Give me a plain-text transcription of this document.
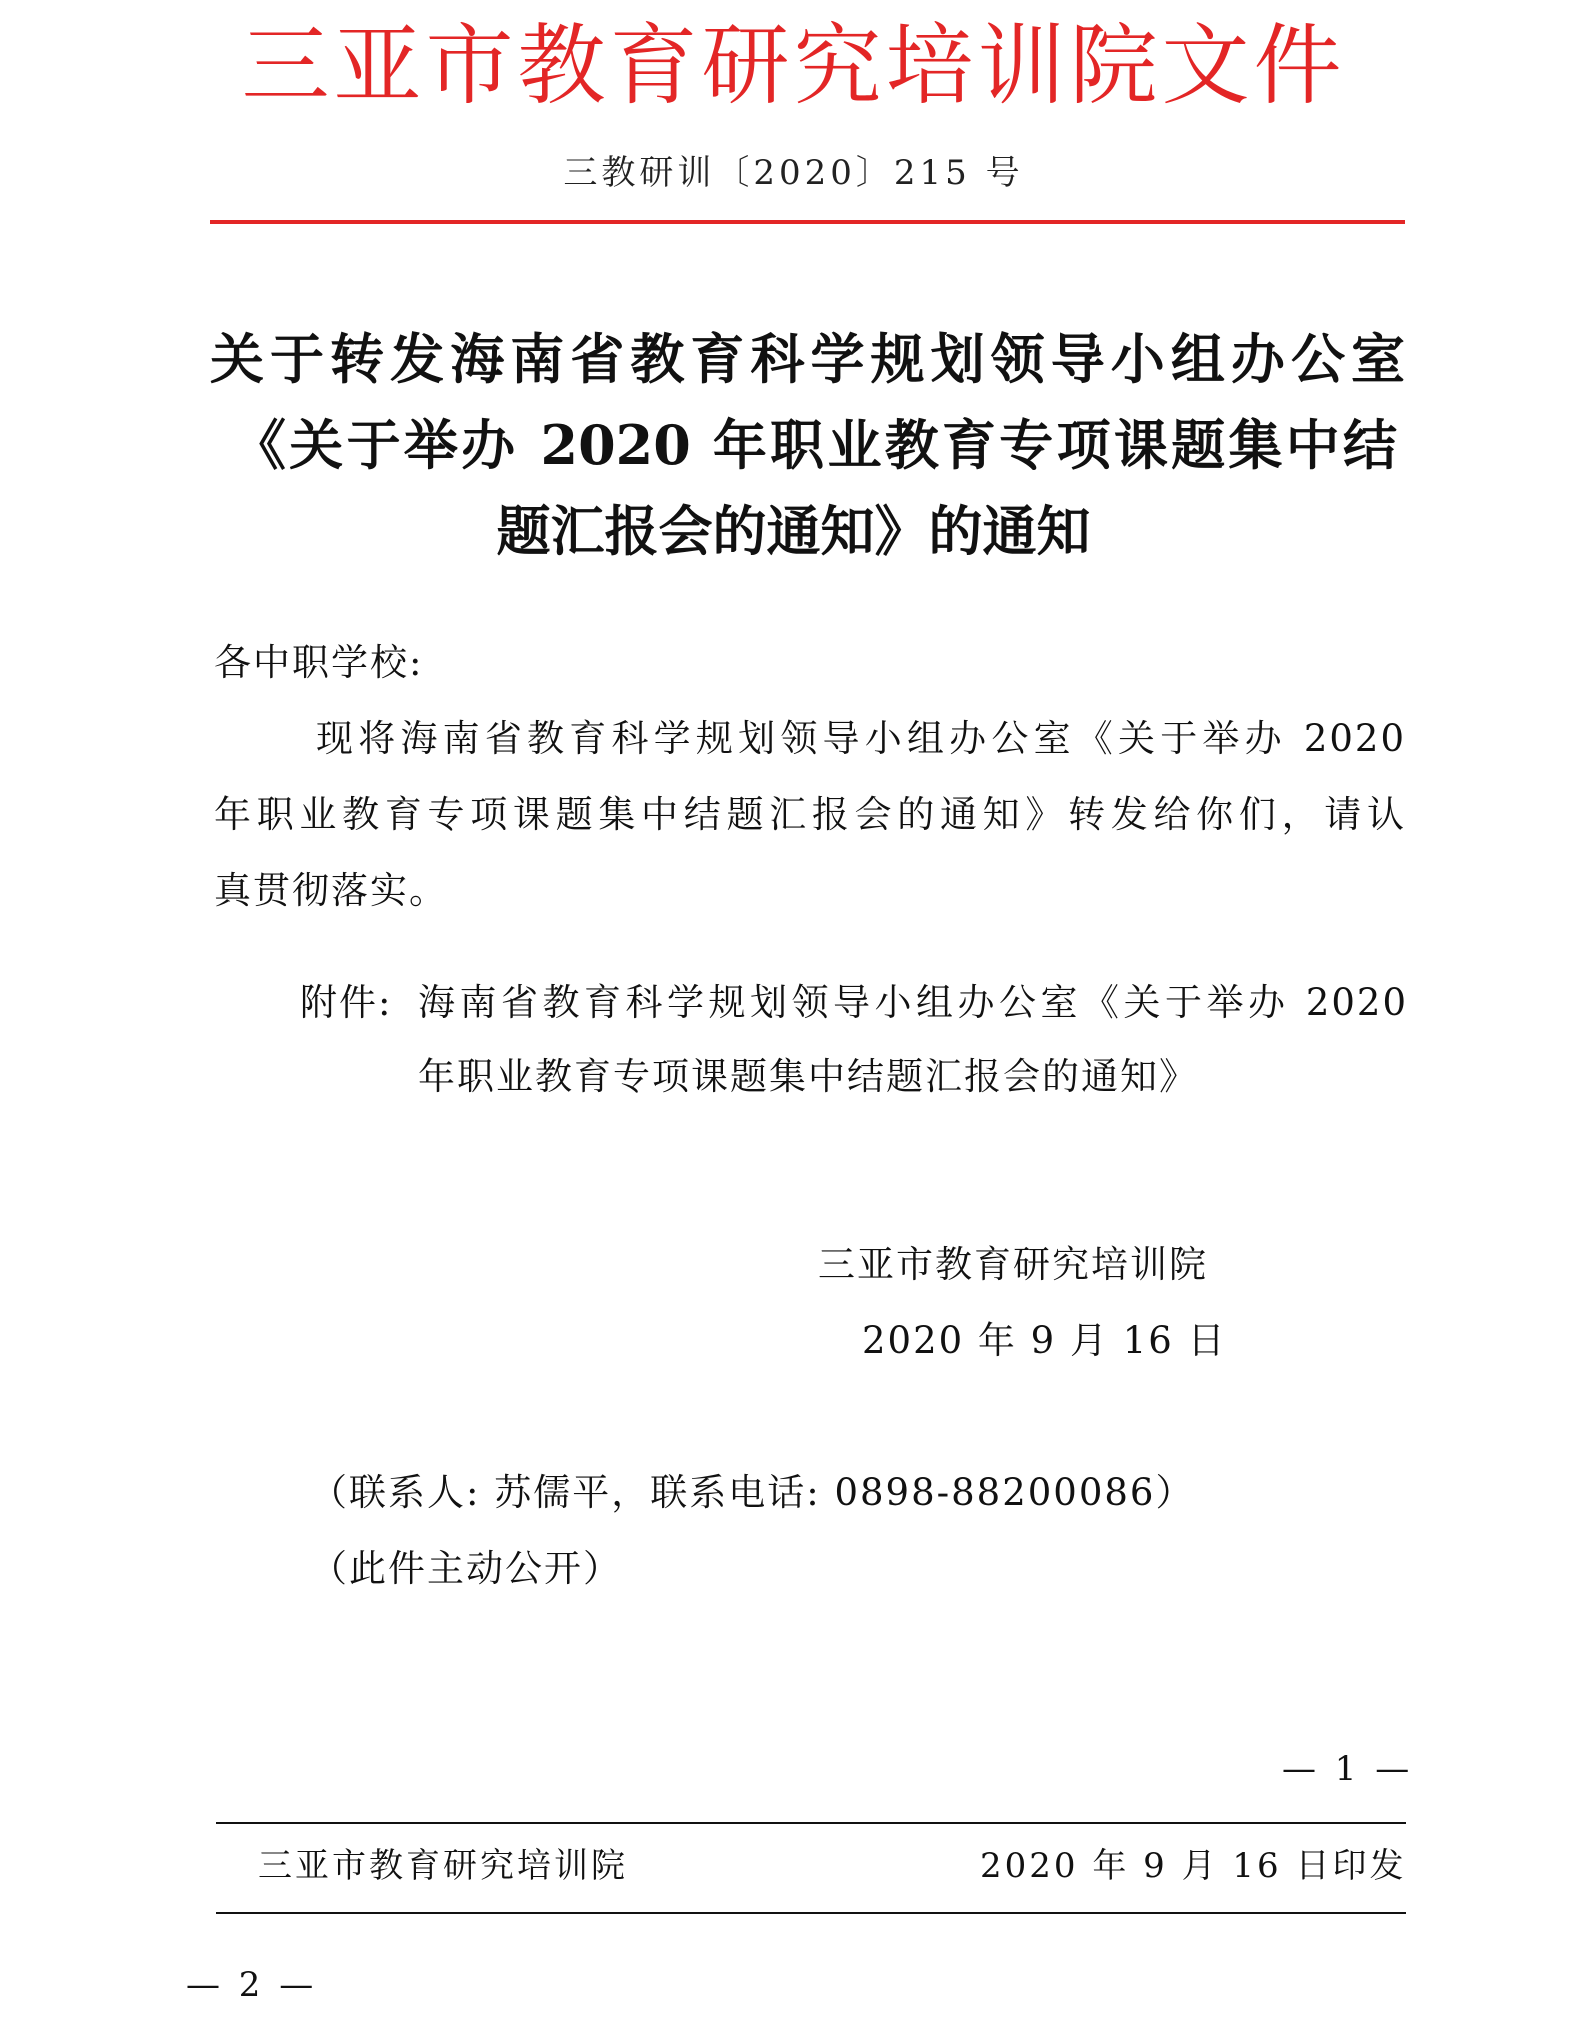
三亚市教育研究培训院文件
三教研训〔2020〕215 号
关于转发海南省教育科学规划领导小组办公室
《关于举办 2020 年职业教育专项课题集中结
题汇报会的通知》的通知
各中职学校:
现将海南省教育科学规划领导小组办公室《关于举办 2020
年职业教育专项课题集中结题汇报会的通知》转发给你们，请认
真贯彻落实。
附件: 海南省教育科学规划领导小组办公室《关于举办 2020
年职业教育专项课题集中结题汇报会的通知》
三亚市教育研究培训院
2020 年 9 月 16 日
（联系人: 苏儒平，联系电话: 0898-88200086）
（此件主动公开）
— 1 —
三亚市教育研究培训院	2020 年 9 月 16 日印发
— 2 —
